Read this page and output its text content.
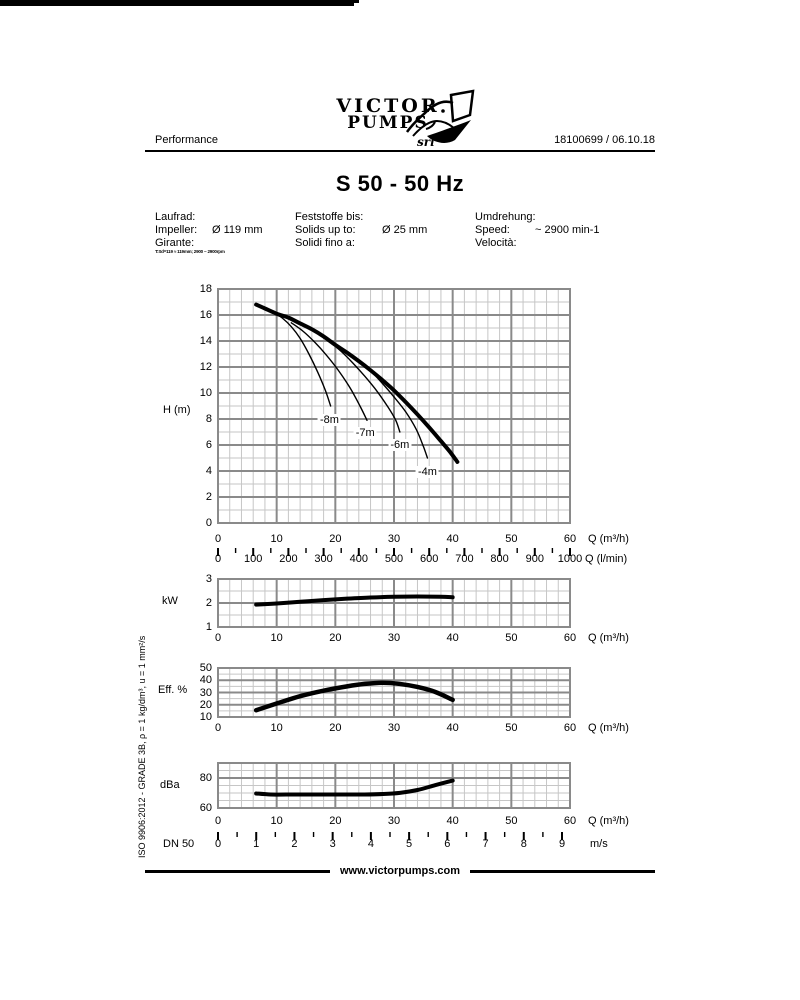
VICTOR
PUMPS
srl
Performance	18100699 / 06.10.18
S 50 - 50 Hz
Laufrad:
Impeller:
Girante:
Ø 119 mm
T:Sd=119 ≈ 119mm; 2900 ~ 2900rpm
Feststoffe bis:
Solids up to:
Solidi fino a:
Ø 25 mm
Umdrehung:
Speed:
Velocità:
~ 2900 min-1
ISO 9906:2012 - GRADE 3B, ρ = 1 kg/dm³, u = 1 mm²/s
www.victorpumps.com
-8m
-7m
-6m
-4m
0
2
4
6
8
10
12
14
16
18
H (m)
0	10	20	30	40	50	60	Q (m³/h)
0	100	200	300	400	500	600	700	800	900	1000 Q (l/min)
1
2
3
kW
0	10	20	30	40	50	60	Q (m³/h)
10
20
30
40
50
Eff. %
0	10	20	30	40	50	60	Q (m³/h)
60
80
dBa
0	10	20	30	40	50	60	Q (m³/h)
0	1	2	3	4	5	6	7	8	9	m/s
DN 50
